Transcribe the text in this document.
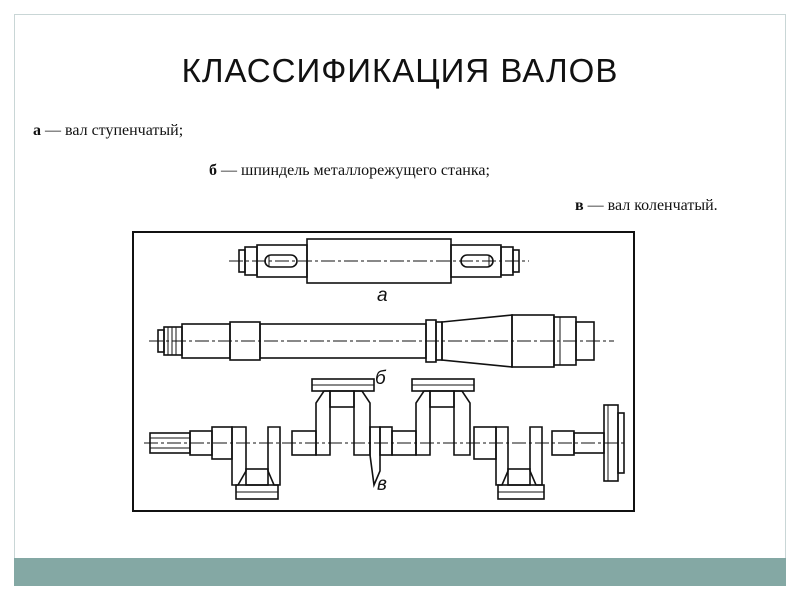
КЛАССИФИКАЦИЯ ВАЛОВ
а — вал ступенчатый;
б — шпиндель металлорежущего станка;
в — вал коленчатый.
а
б
в
